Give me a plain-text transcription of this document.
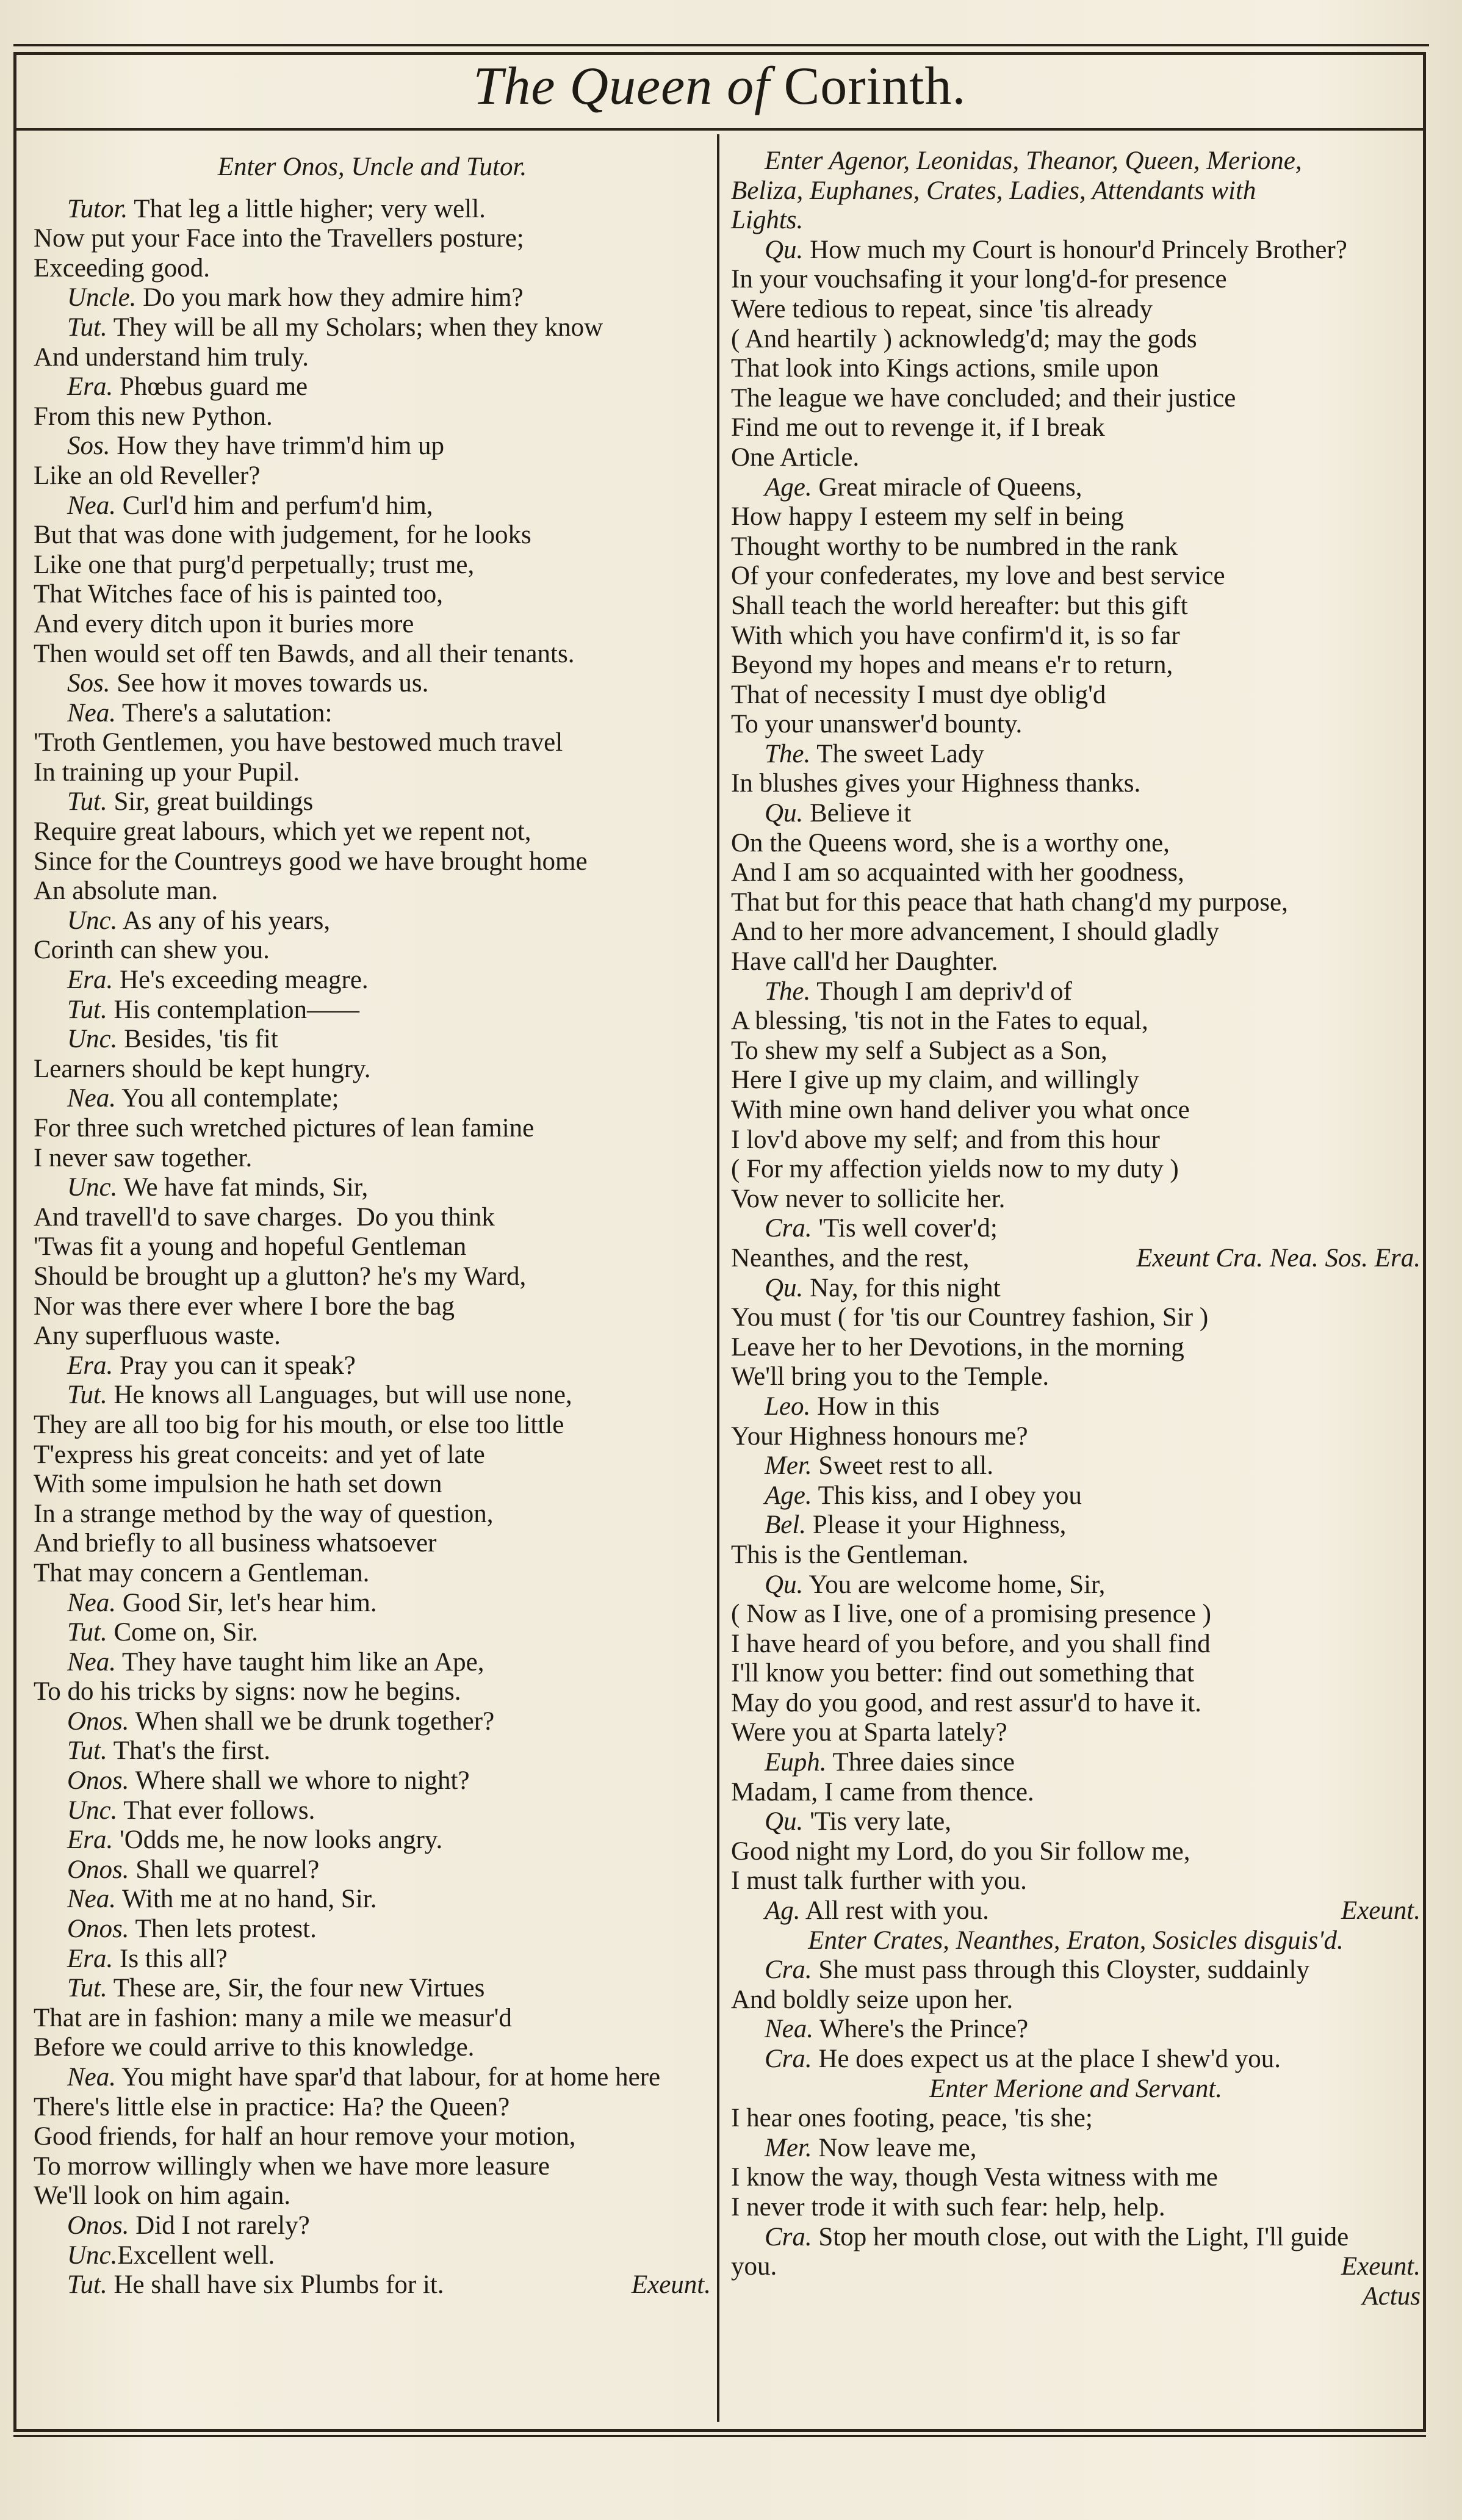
The Queen of Corinth.
Enter Onos, Uncle and Tutor.
Tutor. That leg a little higher; very well.
Now put your Face into the Travellers posture;
Exceeding good.
Uncle. Do you mark how they admire him?
Tut. They will be all my Scholars; when they know
And understand him truly.
Era. Phœbus guard me
From this new Python.
Sos. How they have trimm'd him up
Like an old Reveller?
Nea. Curl'd him and perfum'd him,
But that was done with judgement, for he looks
Like one that purg'd perpetually; trust me,
That Witches face of his is painted too,
And every ditch upon it buries more
Then would set off ten Bawds, and all their tenants.
Sos. See how it moves towards us.
Nea. There's a salutation:
'Troth Gentlemen, you have bestowed much travel
In training up your Pupil.
Tut. Sir, great buildings
Require great labours, which yet we repent not,
Since for the Countreys good we have brought home
An absolute man.
Unc. As any of his years,
Corinth can shew you.
Era. He's exceeding meagre.
Tut. His contemplation——
Unc. Besides, 'tis fit
Learners should be kept hungry.
Nea. You all contemplate;
For three such wretched pictures of lean famine
I never saw together.
Unc. We have fat minds, Sir,
And travell'd to save charges.  Do you think
'Twas fit a young and hopeful Gentleman
Should be brought up a glutton? he's my Ward,
Nor was there ever where I bore the bag
Any superfluous waste.
Era. Pray you can it speak?
Tut. He knows all Languages, but will use none,
They are all too big for his mouth, or else too little
T'express his great conceits: and yet of late
With some impulsion he hath set down
In a strange method by the way of question,
And briefly to all business whatsoever
That may concern a Gentleman.
Nea. Good Sir, let's hear him.
Tut. Come on, Sir.
Nea. They have taught him like an Ape,
To do his tricks by signs: now he begins.
Onos. When shall we be drunk together?
Tut. That's the first.
Onos. Where shall we whore to night?
Unc. That ever follows.
Era. 'Odds me, he now looks angry.
Onos. Shall we quarrel?
Nea. With me at no hand, Sir.
Onos. Then lets protest.
Era. Is this all?
Tut. These are, Sir, the four new Virtues
That are in fashion: many a mile we measur'd
Before we could arrive to this knowledge.
Nea. You might have spar'd that labour, for at home here
There's little else in practice: Ha? the Queen?
Good friends, for half an hour remove your motion,
To morrow willingly when we have more leasure
We'll look on him again.
Onos. Did I not rarely?
Unc.Excellent well.
Tut. He shall have six Plumbs for it.	Exeunt.
Enter Agenor, Leonidas, Theanor, Queen, Merione,
Beliza, Euphanes, Crates, Ladies, Attendants with
Lights.
Qu. How much my Court is honour'd Princely Brother?
In your vouchsafing it your long'd-for presence
Were tedious to repeat, since 'tis already
( And heartily ) acknowledg'd; may the gods
That look into Kings actions, smile upon
The league we have concluded; and their justice
Find me out to revenge it, if I break
One Article.
Age. Great miracle of Queens,
How happy I esteem my self in being
Thought worthy to be numbred in the rank
Of your confederates, my love and best service
Shall teach the world hereafter: but this gift
With which you have confirm'd it, is so far
Beyond my hopes and means e'r to return,
That of necessity I must dye oblig'd
To your unanswer'd bounty.
The. The sweet Lady
In blushes gives your Highness thanks.
Qu. Believe it
On the Queens word, she is a worthy one,
And I am so acquainted with her goodness,
That but for this peace that hath chang'd my purpose,
And to her more advancement, I should gladly
Have call'd her Daughter.
The. Though I am depriv'd of
A blessing, 'tis not in the Fates to equal,
To shew my self a Subject as a Son,
Here I give up my claim, and willingly
With mine own hand deliver you what once
I lov'd above my self; and from this hour
( For my affection yields now to my duty )
Vow never to sollicite her.
Cra. 'Tis well cover'd;
Neanthes, and the rest,	Exeunt Cra. Nea. Sos. Era.
Qu. Nay, for this night
You must ( for 'tis our Countrey fashion, Sir )
Leave her to her Devotions, in the morning
We'll bring you to the Temple.
Leo. How in this
Your Highness honours me?
Mer. Sweet rest to all.
Age. This kiss, and I obey you
Bel. Please it your Highness,
This is the Gentleman.
Qu. You are welcome home, Sir,
( Now as I live, one of a promising presence )
I have heard of you before, and you shall find
I'll know you better: find out something that
May do you good, and rest assur'd to have it.
Were you at Sparta lately?
Euph. Three daies since
Madam, I came from thence.
Qu. 'Tis very late,
Good night my Lord, do you Sir follow me,
I must talk further with you.
Ag. All rest with you.	Exeunt.
Enter Crates, Neanthes, Eraton, Sosicles disguis'd.
Cra. She must pass through this Cloyster, suddainly
And boldly seize upon her.
Nea. Where's the Prince?
Cra. He does expect us at the place I shew'd you.
Enter Merione and Servant.
I hear ones footing, peace, 'tis she;
Mer. Now leave me,
I know the way, though Vesta witness with me
I never trode it with such fear: help, help.
Cra. Stop her mouth close, out with the Light, I'll guide
you.	Exeunt.
Actus
